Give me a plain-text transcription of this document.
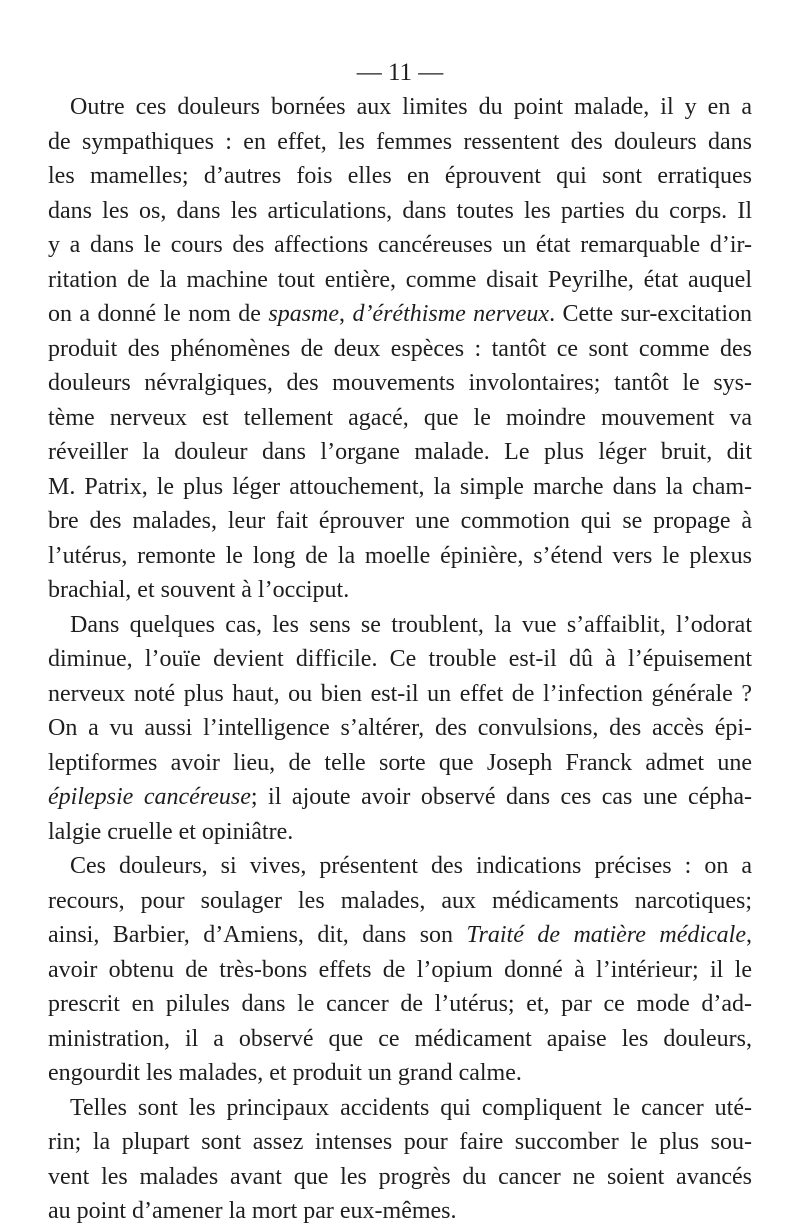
— 11 —
Outre ces douleurs bornées aux limites du point malade, il y en a
de sympathiques : en effet, les femmes ressentent des douleurs dans
les mamelles; d’autres fois elles en éprouvent qui sont erratiques
dans les os, dans les articulations, dans toutes les parties du corps. Il
y a dans le cours des affections cancéreuses un état remarquable d’ir-
ritation de la machine tout entière, comme disait Peyrilhe, état auquel
on a donné le nom de spasme, d’éréthisme nerveux. Cette sur-excitation
produit des phénomènes de deux espèces : tantôt ce sont comme des
douleurs névralgiques, des mouvements involontaires; tantôt le sys-
tème nerveux est tellement agacé, que le moindre mouvement va
réveiller la douleur dans l’organe malade. Le plus léger bruit, dit
M. Patrix, le plus léger attouchement, la simple marche dans la cham-
bre des malades, leur fait éprouver une commotion qui se propage à
l’utérus, remonte le long de la moelle épinière, s’étend vers le plexus
brachial, et souvent à l’occiput.
Dans quelques cas, les sens se troublent, la vue s’affaiblit, l’odorat
diminue, l’ouïe devient difficile. Ce trouble est-il dû à l’épuisement
nerveux noté plus haut, ou bien est-il un effet de l’infection générale ?
On a vu aussi l’intelligence s’altérer, des convulsions, des accès épi-
leptiformes avoir lieu, de telle sorte que Joseph Franck admet une
épilepsie cancéreuse; il ajoute avoir observé dans ces cas une cépha-
lalgie cruelle et opiniâtre.
Ces douleurs, si vives, présentent des indications précises : on a
recours, pour soulager les malades, aux médicaments narcotiques;
ainsi, Barbier, d’Amiens, dit, dans son Traité de matière médicale,
avoir obtenu de très-bons effets de l’opium donné à l’intérieur; il le
prescrit en pilules dans le cancer de l’utérus; et, par ce mode d’ad-
ministration, il a observé que ce médicament apaise les douleurs,
engourdit les malades, et produit un grand calme.
Telles sont les principaux accidents qui compliquent le cancer uté-
rin; la plupart sont assez intenses pour faire succomber le plus sou-
vent les malades avant que les progrès du cancer ne soient avancés
au point d’amener la mort par eux-mêmes.
